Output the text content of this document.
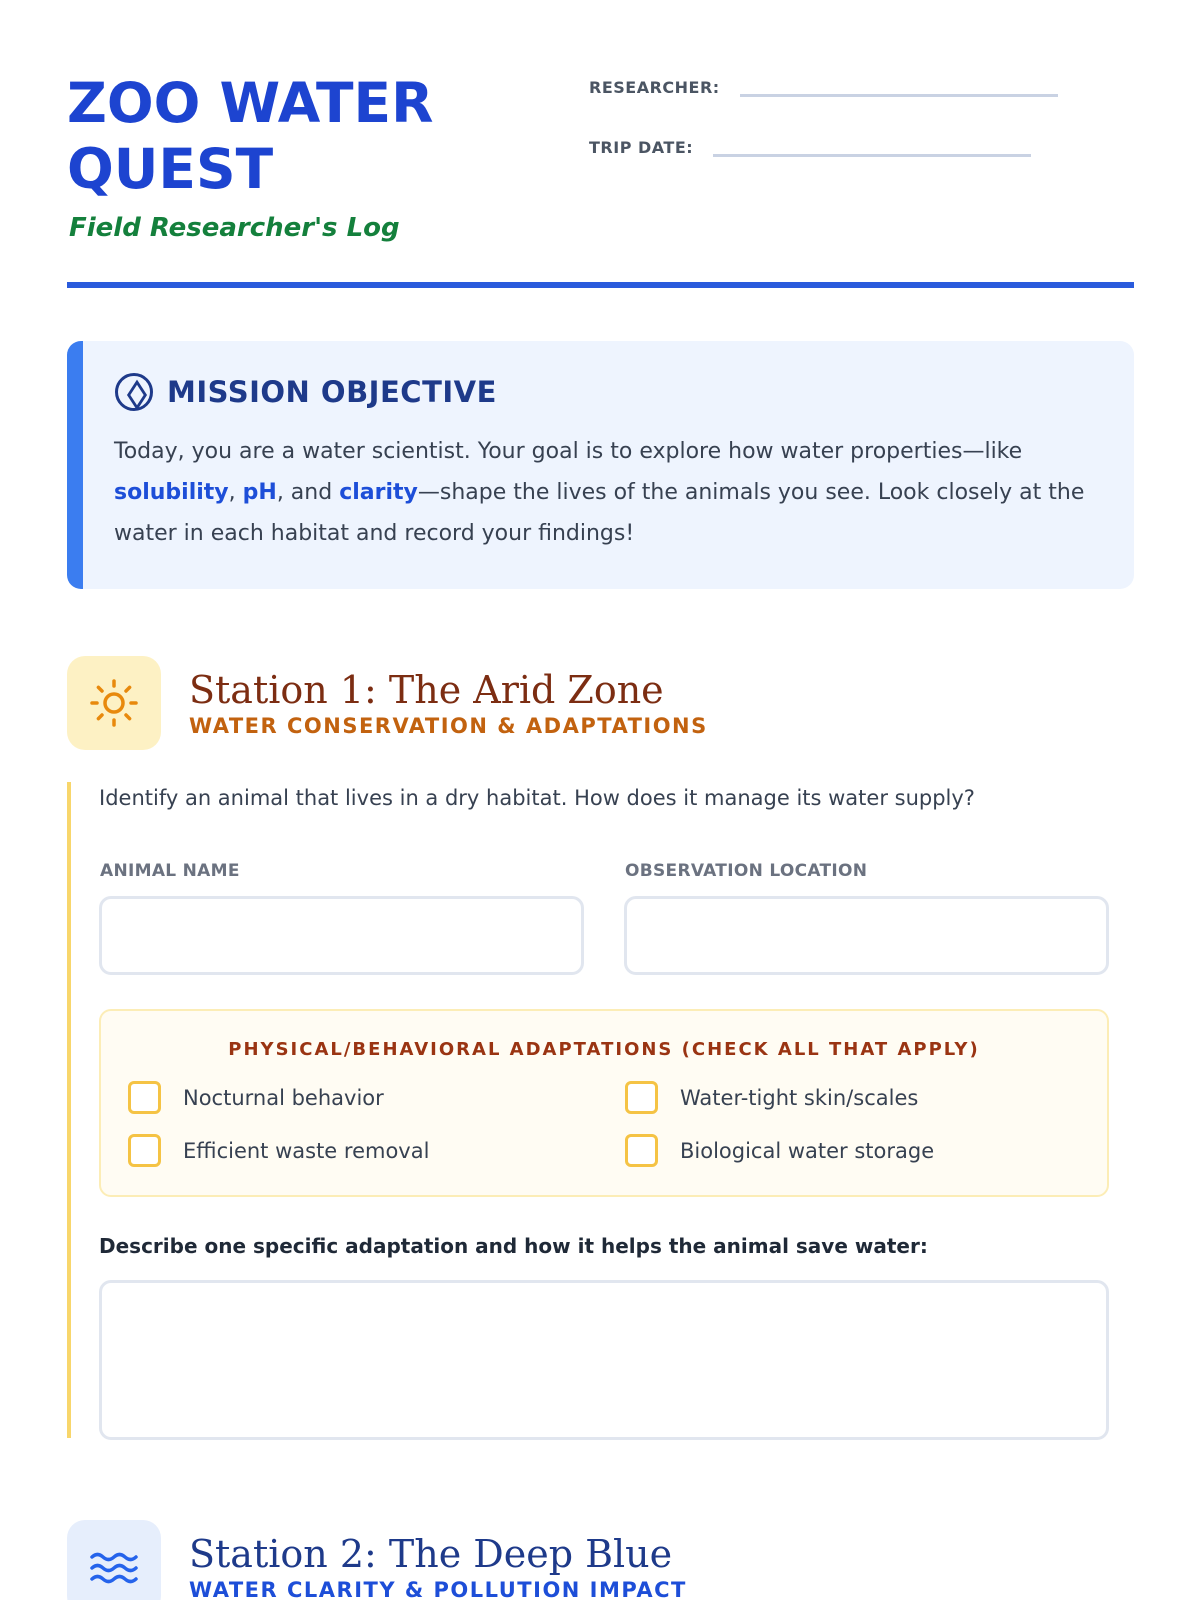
ZOO WATER QUEST
Field Researcher's Log
RESEARCHER:
TRIP DATE:
MISSION OBJECTIVE
Today, you are a water scientist. Your goal is to explore how water properties—like solubility, pH, and clarity—shape the lives of the animals you see. Look closely at the water in each habitat and record your findings!
Station 1: The Arid Zone
WATER CONSERVATION & ADAPTATIONS
Identify an animal that lives in a dry habitat. How does it manage its water supply?
ANIMAL NAME	OBSERVATION LOCATION
PHYSICAL/BEHAVIORAL ADAPTATIONS (CHECK ALL THAT APPLY)
Nocturnal behavior	Water-tight skin/scales
Efficient waste removal	Biological water storage
Describe one specific adaptation and how it helps the animal save water:
Station 2: The Deep Blue
WATER CLARITY & POLLUTION IMPACT
